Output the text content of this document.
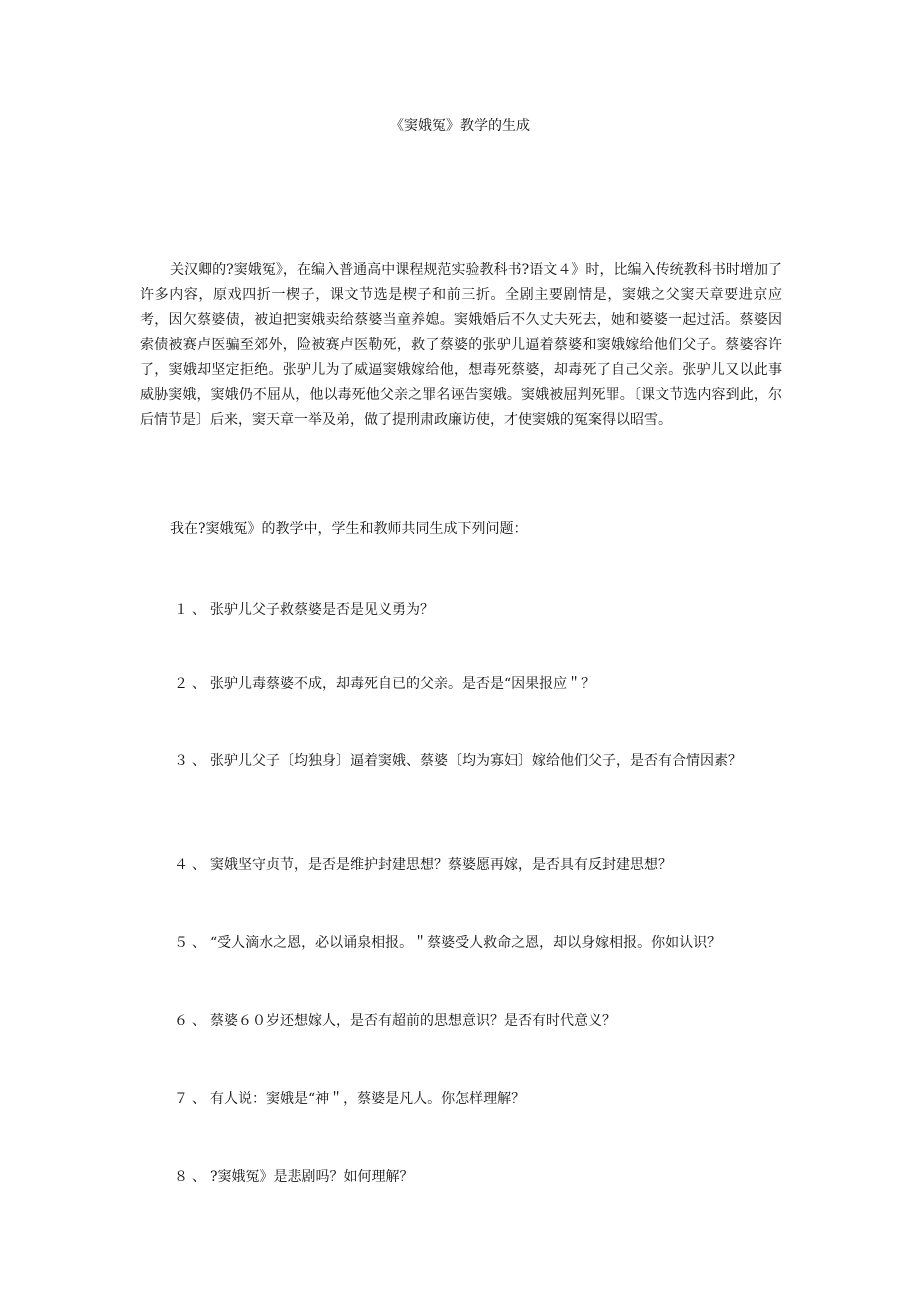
《窦娥冤》教学的生成

关汉卿的?窦娥冤》，在编入普通高中课程规范实验教科书?语文４》时，比编入传统教科书时增加了许多内容，原戏四折一楔子，课文节选是楔子和前三折。全剧主要剧情是，窦娥之父窦天章要进京应考，因欠蔡婆债，被迫把窦娥卖给蔡婆当童养媳。窦娥婚后不久丈夫死去，她和婆婆一起过活。蔡婆因索债被赛卢医骗至郊外，险被赛卢医勒死，救了蔡婆的张驴儿逼着蔡婆和窦娥嫁给他们父子。蔡婆容许了，窦娥却坚定拒绝。张驴儿为了威逼窦娥嫁给他，想毒死蔡婆，却毒死了自己父亲。张驴儿又以此事威胁窦娥，窦娥仍不屈从，他以毒死他父亲之罪名诬告窦娥。窦娥被屈判死罪。〔课文节选内容到此，尔后情节是〕后来，窦天章一举及弟，做了提刑肃政廉访使，才使窦娥的冤案得以昭雪。

我在?窦娥冤》的教学中，学生和教师共同生成下列问题：

１、张驴儿父子救蔡婆是否是见义勇为？

２、张驴儿毒蔡婆不成，却毒死自已的父亲。是否是“因果报应＂？

３、张驴儿父子〔均独身〕逼着窦娥、蔡婆〔均为寡妇〕嫁给他们父子，是否有合情因素？

４、窦娥坚守贞节，是否是维护封建思想？蔡婆愿再嫁，是否具有反封建思想？

５、“受人滴水之恩，必以诵泉相报。＂蔡婆受人救命之恩，却以身嫁相报。你如认识？

６、蔡婆６０岁还想嫁人，是否有超前的思想意识？是否有时代意义？

７、有人说：窦娥是“神＂，蔡婆是凡人。你怎样理解？

８、?窦娥冤》是悲剧吗？如何理解？
